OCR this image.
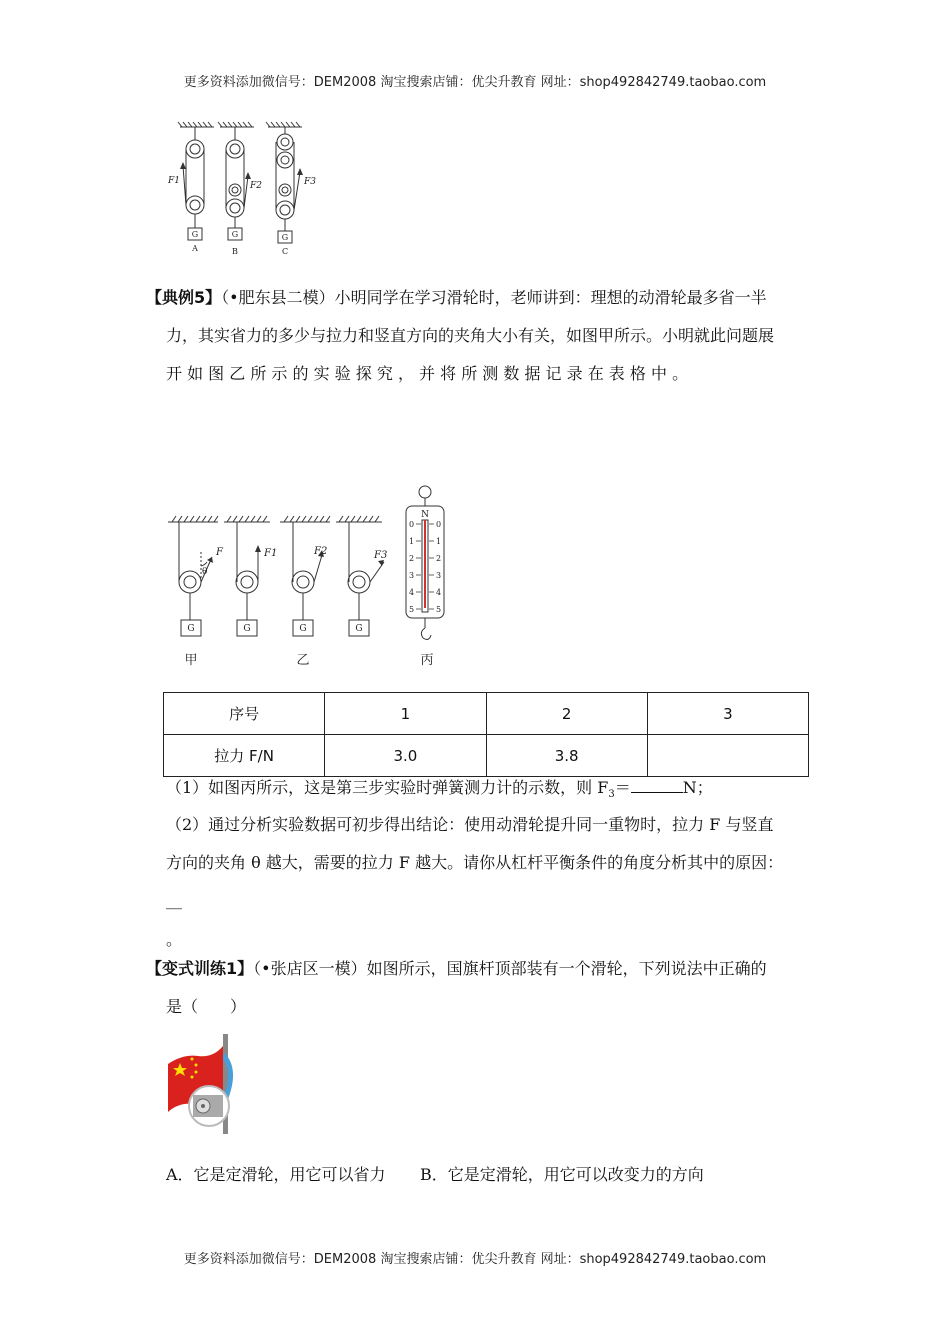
更多资料添加微信号：DEM2008 淘宝搜索店铺：优尖升教育 网址：shop492842749.taobao.com
F1	F2	F3
G	G	G
A	B	C
【典例5】（•肥东县二模）小明同学在学习滑轮时，老师讲到：理想的动滑轮最多省一半
力，其实省力的多少与拉力和竖直方向的夹角大小有关，如图甲所示。小明就此问题展
开 如 图 乙 所 示 的 实 验 探 究 ， 并 将 所 测 数 据 记 录 在 表 格 中 。
F	F1	F2	F3
θ
G	G	G	G
N
0
1
2
3
4
5
0
1
2
3
4
5
甲	乙	丙
序号	1	2	3
拉力 F/N	3.0	3.8	
（1）如图丙所示，这是第三步实验时弹簧测力计的示数，则 $F_3=$	N；
（2）通过分析实验数据可初步得出结论：使用动滑轮提升同一重物时，拉力 F 与竖直
方向的夹角 θ 越大，需要的拉力 F 越大。请你从杠杆平衡条件的角度分析其中的原因：
＿
。
【变式训练1】（•张店区一模）如图所示，国旗杆顶部装有一个滑轮，下列说法中正确的
是（　　）
A．它是定滑轮，用它可以省力 B．它是定滑轮，用它可以改变力的方向
更多资料添加微信号：DEM2008 淘宝搜索店铺：优尖升教育 网址：shop492842749.taobao.com
